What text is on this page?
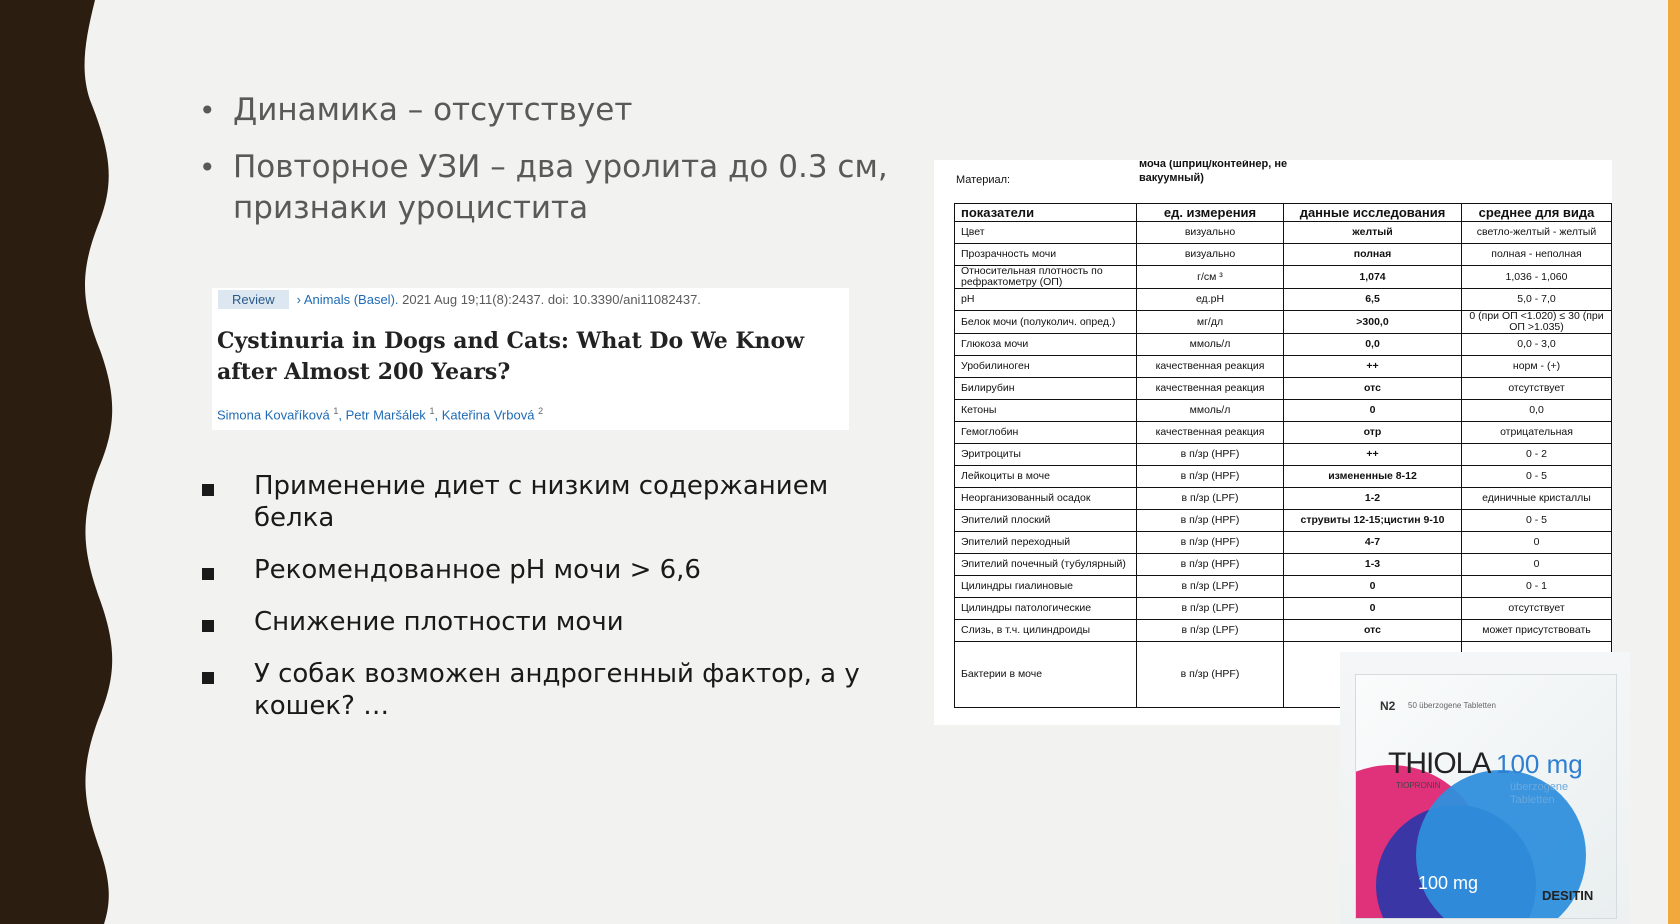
• Динамика – отсутствует
• Повторное УЗИ – два уролита до 0.3 см, признаки уроцистита
Review › Animals (Basel). 2021 Aug 19;11(8):2437. doi: 10.3390/ani11082437.
Cystinuria in Dogs and Cats: What Do We Know after Almost 200 Years?
Simona Kovaříková $^1$, Petr Maršálek $^1$, Kateřina Vrbová $^2$
Применение диет с низким содержанием белка
Рекомендованное pH мочи > 6,6
Снижение плотности мочи
У собак возможен андрогенный фактор, а у кошек? …
Материал:
моча (шприц/контейнер, не вакуумный)
показатели	ед. измерения	данные исследования	среднее для вида
Цвет	визуально	желтый	светло-желтый - желтый
Прозрачность мочи	визуально	полная	полная - неполная
Относительная плотность по рефрактометру (ОП)	г/см ³	1,074	1,036 - 1,060
pH	ед.pH	6,5	5,0 - 7,0
Белок мочи (полуколич. опред.)	мг/дл	>300,0	0 (при ОП <1.020) ≤ 30 (при ОП >1.035)
Глюкоза мочи	ммоль/л	0,0	0,0 - 3,0
Уробилиноген	качественная реакция	++	норм - (+)
Билирубин	качественная реакция	отс	отсутствует
Кетоны	ммоль/л	0	0,0
Гемоглобин	качественная реакция	отр	отрицательная
Эритроциты	в п/зр (HPF)	++	0 - 2
Лейкоциты в моче	в п/зр (HPF)	измененные 8-12	0 - 5
Неорганизованный осадок	в п/зр (LPF)	1-2	единичные кристаллы
Эпителий плоский	в п/зр (HPF)	струвиты 12-15;цистин 9-10	0 - 5
Эпителий переходный	в п/зр (HPF)	4-7	0
Эпителий почечный (тубулярный)	в п/зр (HPF)	1-3	0
Цилиндры гиалиновые	в п/зр (LPF)	0	0 - 1
Цилиндры патологические	в п/зр (LPF)	0	отсутствует
Слизь, в т.ч. цилиндроиды	в п/зр (LPF)	отс	может присутствовать
Бактерии в моче	в п/зр (HPF)		
N2 50 überzogene Tabletten
THIOLA
TIOPRONIN
100 mg
überzogene Tabletten
100 mg
DESITIN
